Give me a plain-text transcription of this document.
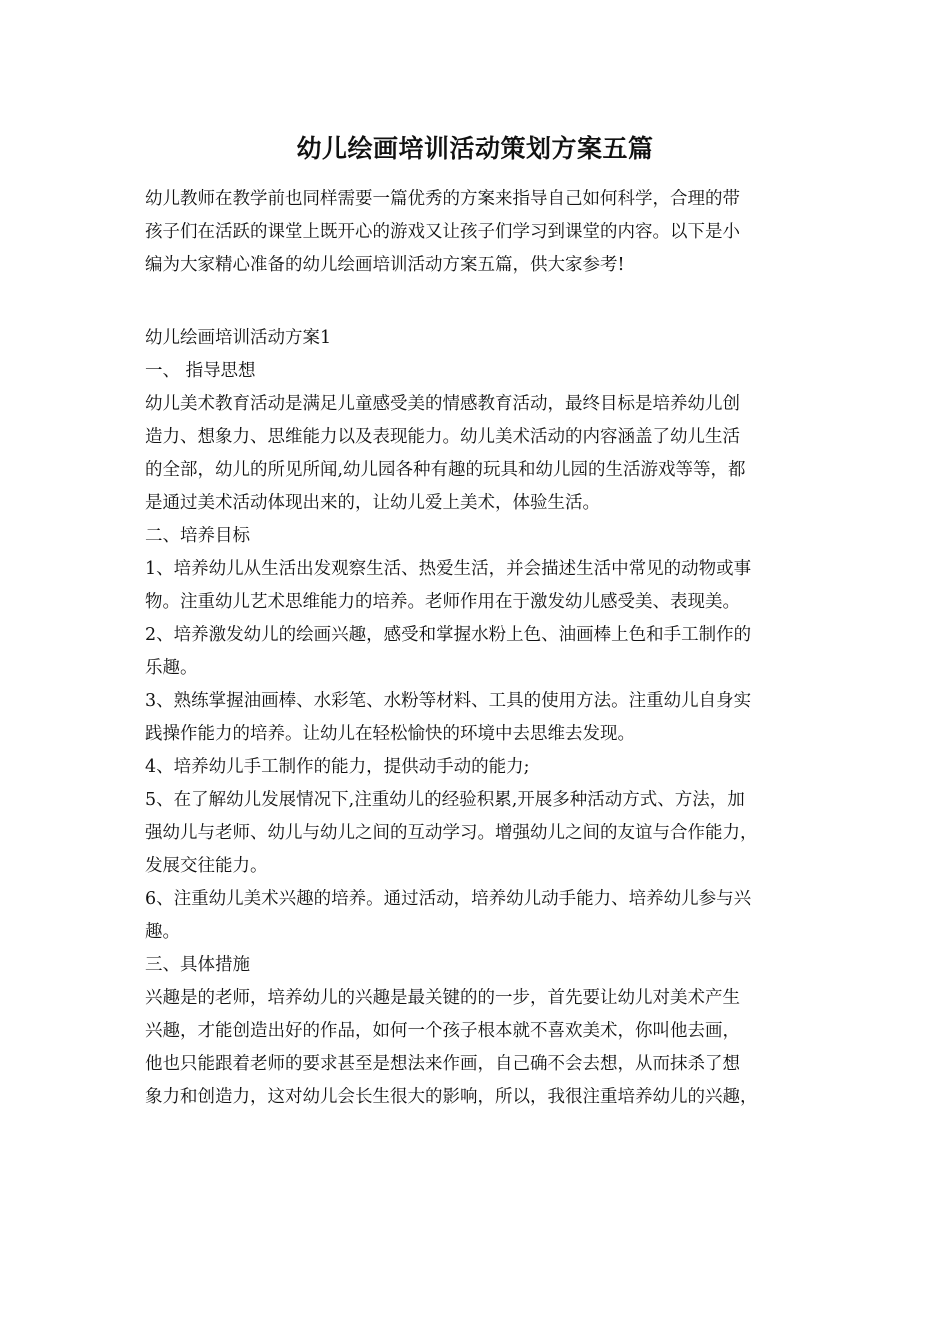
幼儿绘画培训活动策划方案五篇

幼儿教师在教学前也同样需要一篇优秀的方案来指导自己如何科学，合理的带
孩子们在活跃的课堂上既开心的游戏又让孩子们学习到课堂的内容。以下是小
编为大家精心准备的幼儿绘画培训活动方案五篇，供大家参考!

幼儿绘画培训活动方案1

一、 指导思想

幼儿美术教育活动是满足儿童感受美的情感教育活动，最终目标是培养幼儿创
造力、想象力、思维能力以及表现能力。幼儿美术活动的内容涵盖了幼儿生活
的全部，幼儿的所见所闻,幼儿园各种有趣的玩具和幼儿园的生活游戏等等，都
是通过美术活动体现出来的，让幼儿爱上美术，体验生活。

二、培养目标

1、培养幼儿从生活出发观察生活、热爱生活，并会描述生活中常见的动物或事
物。注重幼儿艺术思维能力的培养。老师作用在于激发幼儿感受美、表现美。

2、培养激发幼儿的绘画兴趣，感受和掌握水粉上色、油画棒上色和手工制作的
乐趣。

3、熟练掌握油画棒、水彩笔、水粉等材料、工具的使用方法。注重幼儿自身实
践操作能力的培养。让幼儿在轻松愉快的环境中去思维去发现。

4、培养幼儿手工制作的能力，提供动手动的能力;

5、在了解幼儿发展情况下,注重幼儿的经验积累,开展多种活动方式、方法，加
强幼儿与老师、幼儿与幼儿之间的互动学习。增强幼儿之间的友谊与合作能力，
发展交往能力。

6、注重幼儿美术兴趣的培养。通过活动，培养幼儿动手能力、培养幼儿参与兴
趣。

三、具体措施

兴趣是的老师，培养幼儿的兴趣是最关键的的一步，首先要让幼儿对美术产生
兴趣，才能创造出好的作品，如何一个孩子根本就不喜欢美术，你叫他去画，
他也只能跟着老师的要求甚至是想法来作画，自己确不会去想，从而抹杀了想
象力和创造力，这对幼儿会长生很大的影响，所以，我很注重培养幼儿的兴趣，
